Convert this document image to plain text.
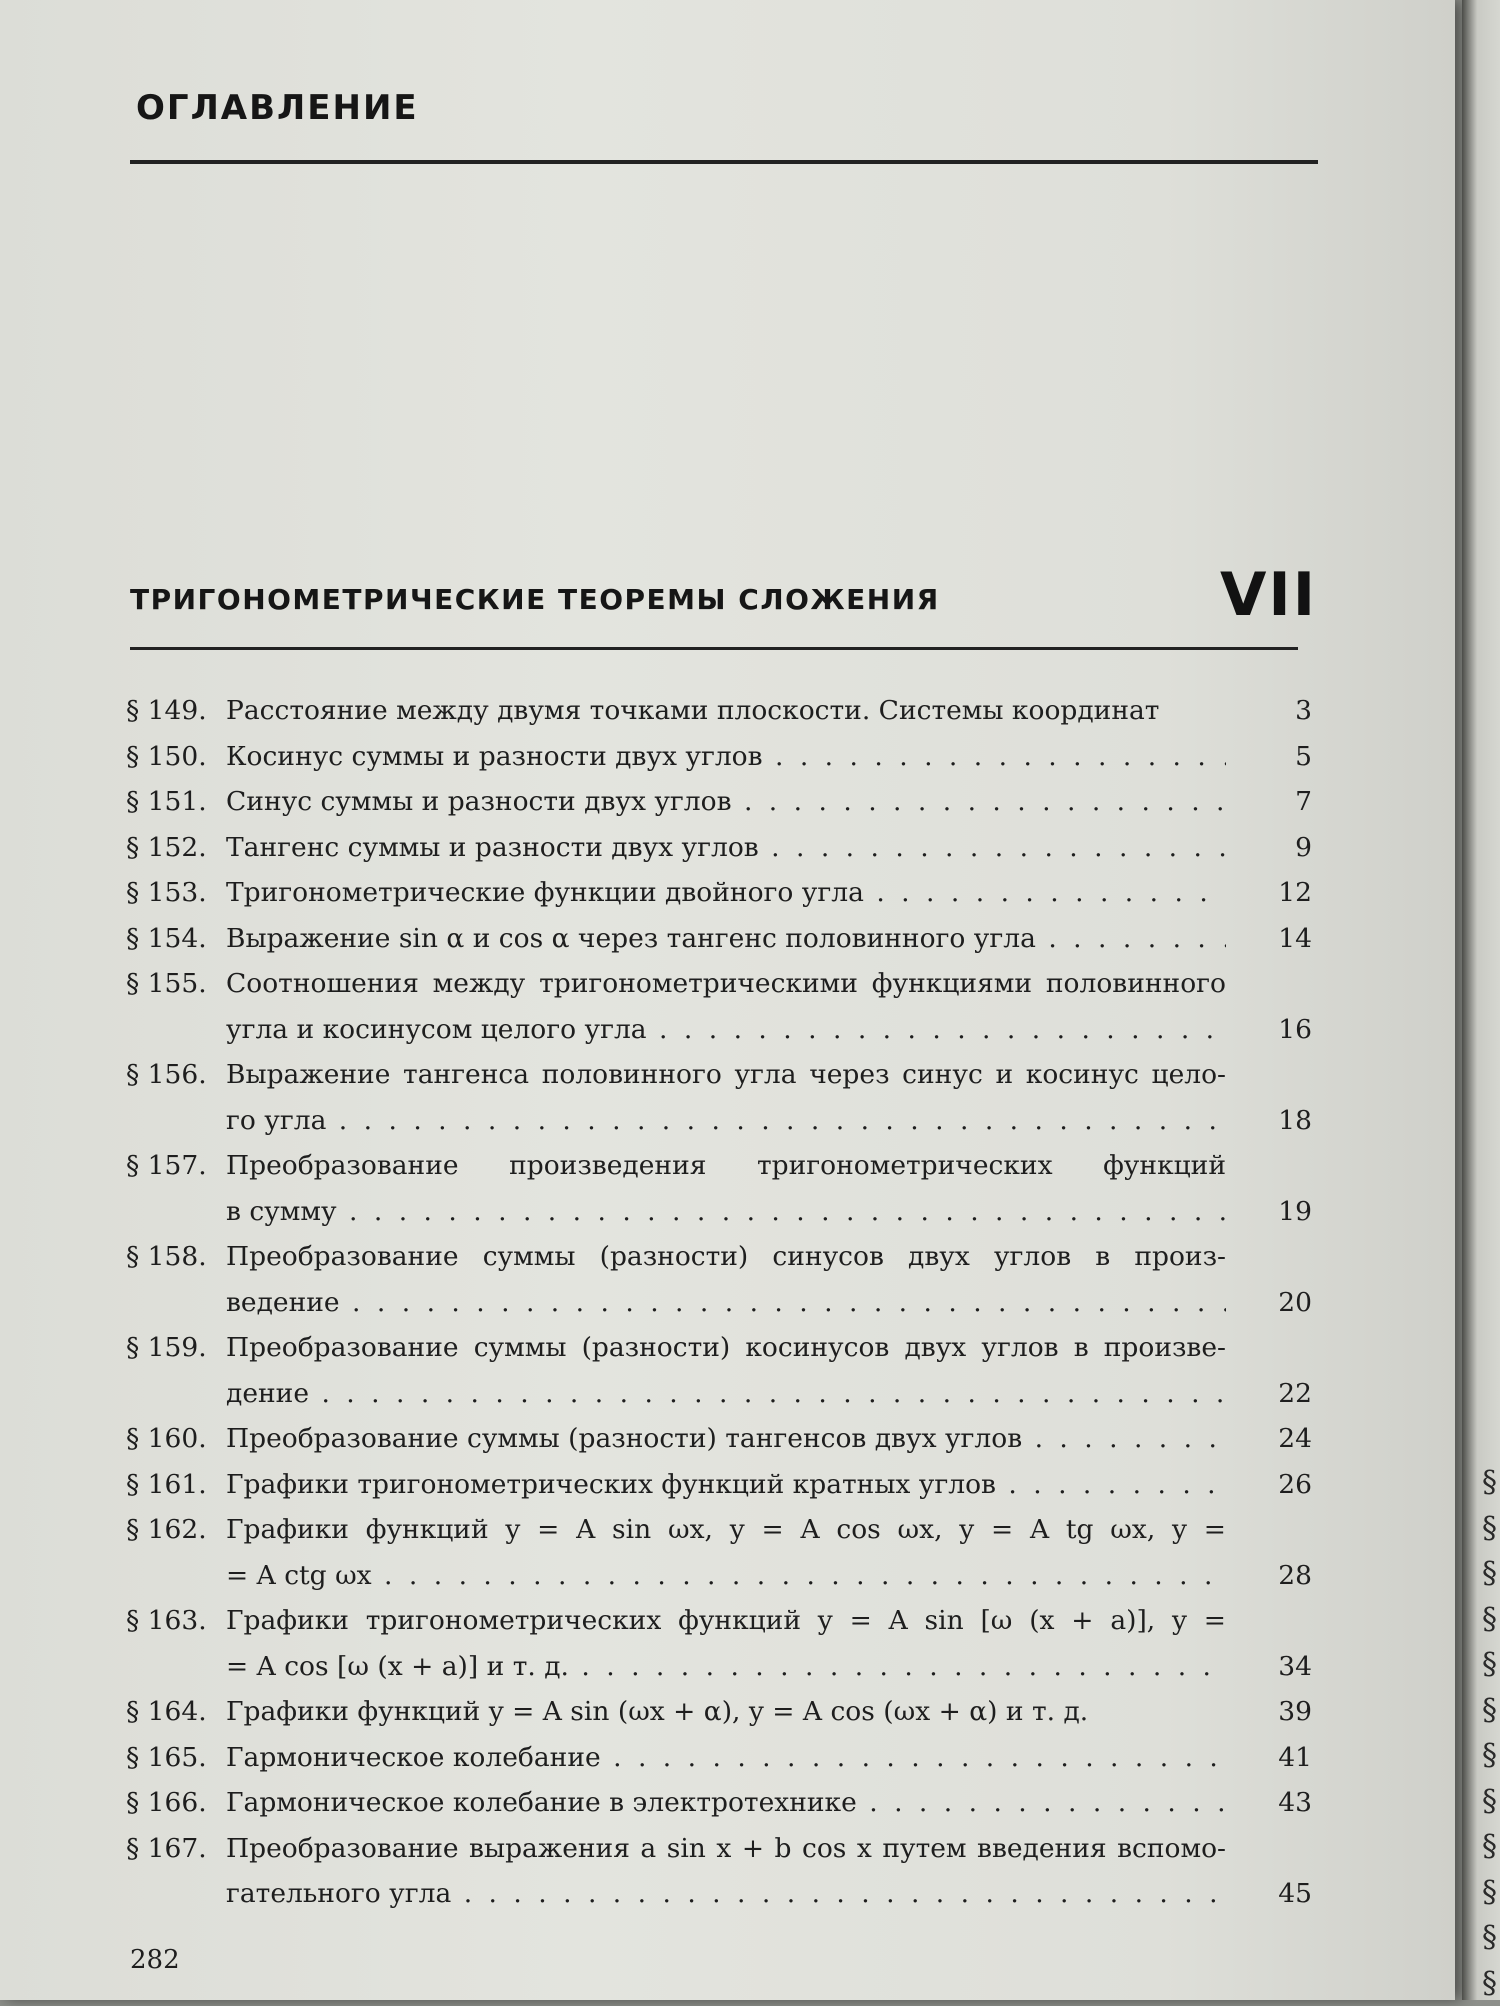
ОГЛАВЛЕНИЕ
ТРИГОНОМЕТРИЧЕСКИЕ ТЕОРЕМЫ СЛОЖЕНИЯ	VII
§ 149. Расстояние между двумя точками плоскости. Системы координат	3
§ 150. Косинус суммы и разности двух углов . . .	5
§ 151. Синус суммы и разности двух углов . . .	7
§ 152. Тангенс суммы и разности двух углов . . .	9
§ 153. Тригонометрические функции двойного угла . . .	12
§ 154. Выражение sin α и cos α через тангенс половинного угла . . .	14
§ 155. Соотношения между тригонометрическими функциями половинного
угла и косинусом целого угла . . .	16
§ 156. Выражение тангенса половинного угла через синус и косинус цело-
го угла . . .	18
§ 157. Преобразование произведения тригонометрических функций
в сумму . . .	19
§ 158. Преобразование суммы (разности) синусов двух углов в произ-
ведение . . .	20
§ 159. Преобразование суммы (разности) косинусов двух углов в произве-
дение . . .	22
§ 160. Преобразование суммы (разности) тангенсов двух углов . . .	24
§ 161. Графики тригонометрических функций кратных углов . . .	26
§ 162. Графики функций y = A sin ωx, y = A cos ωx, y = A tg ωx, y =
= A ctg ωx . . .	28
§ 163. Графики тригонометрических функций y = A sin [ω (x + a)], y =
= A cos [ω (x + a)] и т. д. . . .	34
§ 164. Графики функций y = A sin (ωx + α), y = A cos (ωx + α) и т. д.	39
§ 165. Гармоническое колебание . . .	41
§ 166. Гармоническое колебание в электротехнике . . .	43
§ 167. Преобразование выражения a sin x + b cos x путем введения вспомо-
гательного угла . . .	45
282
§
§
§
§
§
§
§
§
§
§
§
§
